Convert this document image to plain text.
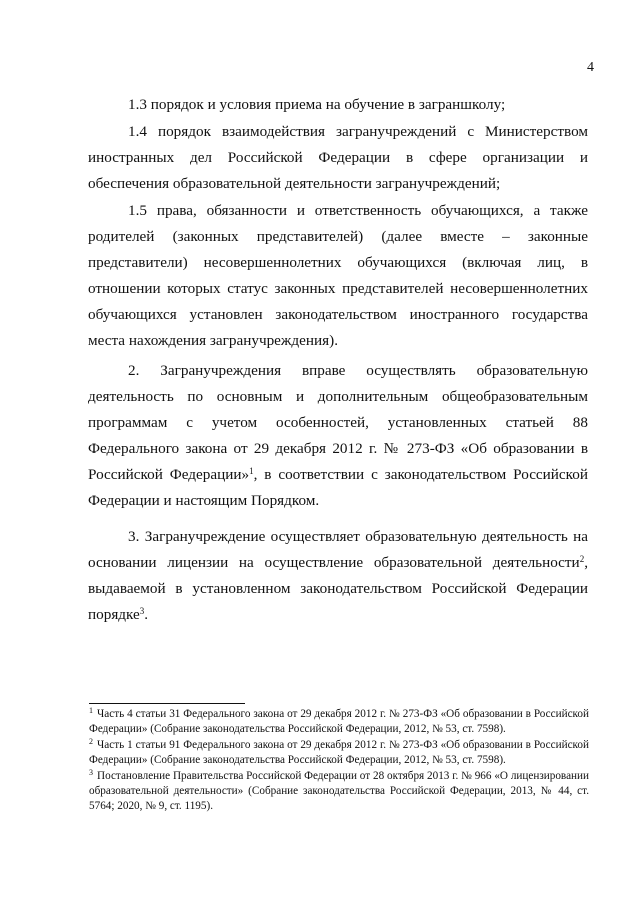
4

1.3 порядок и условия приема на обучение в заграншколу;

1.4 порядок взаимодействия загранучреждений с Министерством иностранных дел Российской Федерации в сфере организации и обеспечения образовательной деятельности загранучреждений;

1.5 права, обязанности и ответственность обучающихся, а также родителей (законных представителей) (далее вместе – законные представители) несовершеннолетних обучающихся (включая лиц, в отношении которых статус законных представителей несовершеннолетних обучающихся установлен законодательством иностранного государства места нахождения загранучреждения).

2. Загранучреждения вправе осуществлять образовательную деятельность по основным и дополнительным общеобразовательным программам с учетом особенностей, установленных статьей 88 Федерального закона от 29 декабря 2012 г. № 273-ФЗ «Об образовании в Российской Федерации»$^1$, в соответствии с законодательством Российской Федерации и настоящим Порядком.

3. Загранучреждение осуществляет образовательную деятельность на основании лицензии на осуществление образовательной деятельности$^2$, выдаваемой в установленном законодательством Российской Федерации порядке$^3$.

$^1$ Часть 4 статьи 31 Федерального закона от 29 декабря 2012 г. № 273-ФЗ «Об образовании в Российской Федерации» (Собрание законодательства Российской Федерации, 2012, № 53, ст. 7598).

$^2$ Часть 1 статьи 91 Федерального закона от 29 декабря 2012 г. № 273-ФЗ «Об образовании в Российской Федерации» (Собрание законодательства Российской Федерации, 2012, № 53, ст. 7598).

$^3$ Постановление Правительства Российской Федерации от 28 октября 2013 г. № 966 «О лицензировании образовательной деятельности» (Собрание законодательства Российской Федерации, 2013, № 44, ст. 5764; 2020, № 9, ст. 1195).
